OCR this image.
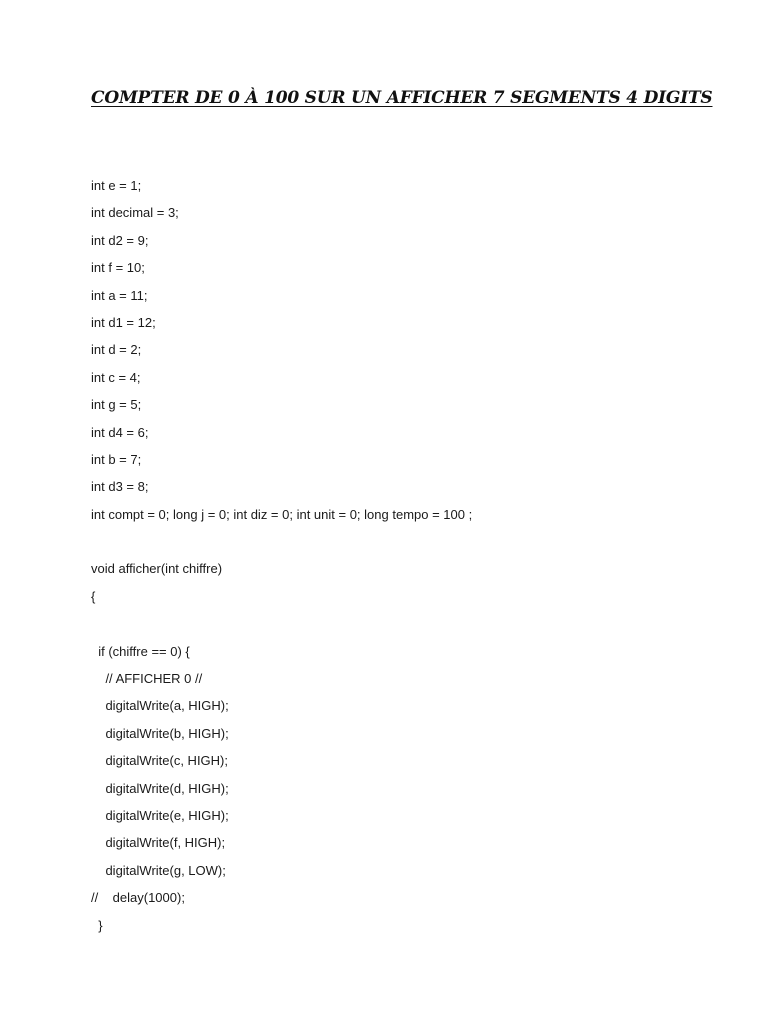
COMPTER DE 0 À 100 SUR UN AFFICHER 7 SEGMENTS 4 DIGITS
int e = 1;
int decimal = 3;
int d2 = 9;
int f = 10;
int a = 11;
int d1 = 12;
int d = 2;
int c = 4;
int g = 5;
int d4 = 6;
int b = 7;
int d3 = 8;
int compt = 0; long j = 0; int diz = 0; int unit = 0; long tempo = 100 ;
void afficher(int chiffre)
{
if (chiffre == 0) {
// AFFICHER 0 //
digitalWrite(a, HIGH);
digitalWrite(b, HIGH);
digitalWrite(c, HIGH);
digitalWrite(d, HIGH);
digitalWrite(e, HIGH);
digitalWrite(f, HIGH);
digitalWrite(g, LOW);
//    delay(1000);
}
